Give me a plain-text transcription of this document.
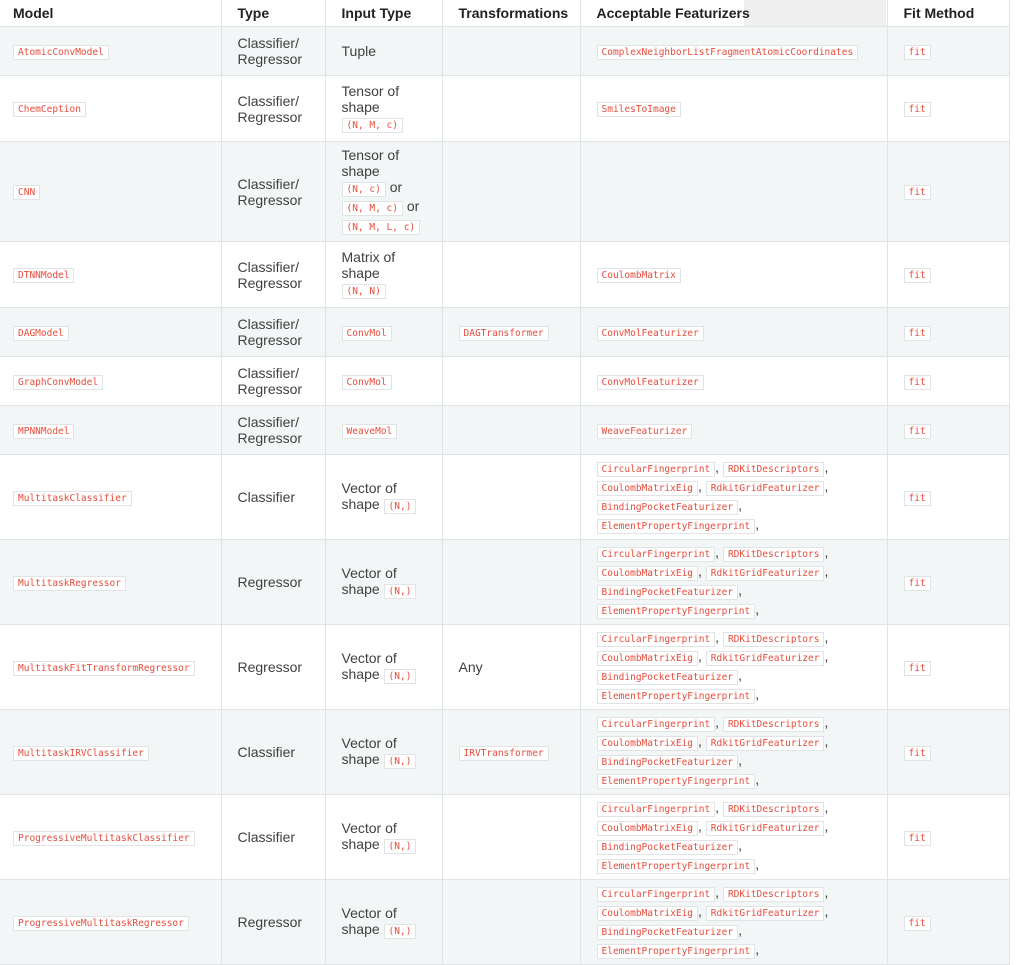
Model	Type	Input Type	Transformations	Acceptable Featurizers	Fit Method
AtomicConvModel	Classifier/
Regressor	Tuple		ComplexNeighborListFragmentAtomicCoordinates	fit
ChemCeption	Classifier/
Regressor	Tensor of
shape
(N, M, c)		SmilesToImage	fit
CNN	Classifier/
Regressor	Tensor of
shape
(N, c) or
(N, M, c) or
(N, M, L, c)			fit
DTNNModel	Classifier/
Regressor	Matrix of
shape
(N, N)		CoulombMatrix	fit
DAGModel	Classifier/
Regressor	ConvMol	DAGTransformer	ConvMolFeaturizer	fit
GraphConvModel	Classifier/
Regressor	ConvMol		ConvMolFeaturizer	fit
MPNNModel	Classifier/
Regressor	WeaveMol		WeaveFeaturizer	fit
MultitaskClassifier	Classifier	Vector of
shape (N,)		CircularFingerprint , RDKitDescriptors ,
CoulombMatrixEig , RdkitGridFeaturizer ,
BindingPocketFeaturizer ,
ElementPropertyFingerprint ,	fit
MultitaskRegressor	Regressor	Vector of
shape (N,)		CircularFingerprint , RDKitDescriptors ,
CoulombMatrixEig , RdkitGridFeaturizer ,
BindingPocketFeaturizer ,
ElementPropertyFingerprint ,	fit
MultitaskFitTransformRegressor	Regressor	Vector of
shape (N,)	Any	CircularFingerprint , RDKitDescriptors ,
CoulombMatrixEig , RdkitGridFeaturizer ,
BindingPocketFeaturizer ,
ElementPropertyFingerprint ,	fit
MultitaskIRVClassifier	Classifier	Vector of
shape (N,)	IRVTransformer	CircularFingerprint , RDKitDescriptors ,
CoulombMatrixEig , RdkitGridFeaturizer ,
BindingPocketFeaturizer ,
ElementPropertyFingerprint ,	fit
ProgressiveMultitaskClassifier	Classifier	Vector of
shape (N,)		CircularFingerprint , RDKitDescriptors ,
CoulombMatrixEig , RdkitGridFeaturizer ,
BindingPocketFeaturizer ,
ElementPropertyFingerprint ,	fit
ProgressiveMultitaskRegressor	Regressor	Vector of
shape (N,)		CircularFingerprint , RDKitDescriptors ,
CoulombMatrixEig , RdkitGridFeaturizer ,
BindingPocketFeaturizer ,
ElementPropertyFingerprint ,	fit
